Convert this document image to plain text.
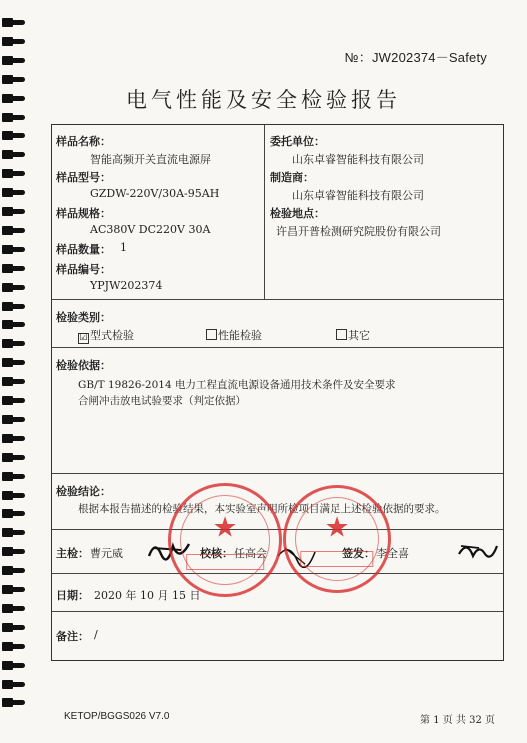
№：JW202374－Safety
电气性能及安全检验报告
样品名称：
智能高频开关直流电源屏
样品型号：
GZDW-220V/30A-95AH
样品规格：
AC380V DC220V 30A
样品数量： 1
样品编号：
YPJW202374
委托单位：
山东卓睿智能科技有限公司
制造商：
山东卓睿智能科技有限公司
检验地点：
许昌开普检测研究院股份有限公司
检验类别：
☑ 型式检验	性能检验	其它
检验依据：
GB/T 19826-2014 电力工程直流电源设备通用技术条件及安全要求
合闸冲击放电试验要求（判定依据）
检验结论：
根据本报告描述的检验结果，本实验室声明所检项目满足上述检验依据的要求。
主检： 曹元威	校核： 任高会	签发： 李全喜
日期： 2020 年 10 月 15 日
备注： /
★	★
KETOP/BGGS026 V7.0	第 1 页 共 32 页
